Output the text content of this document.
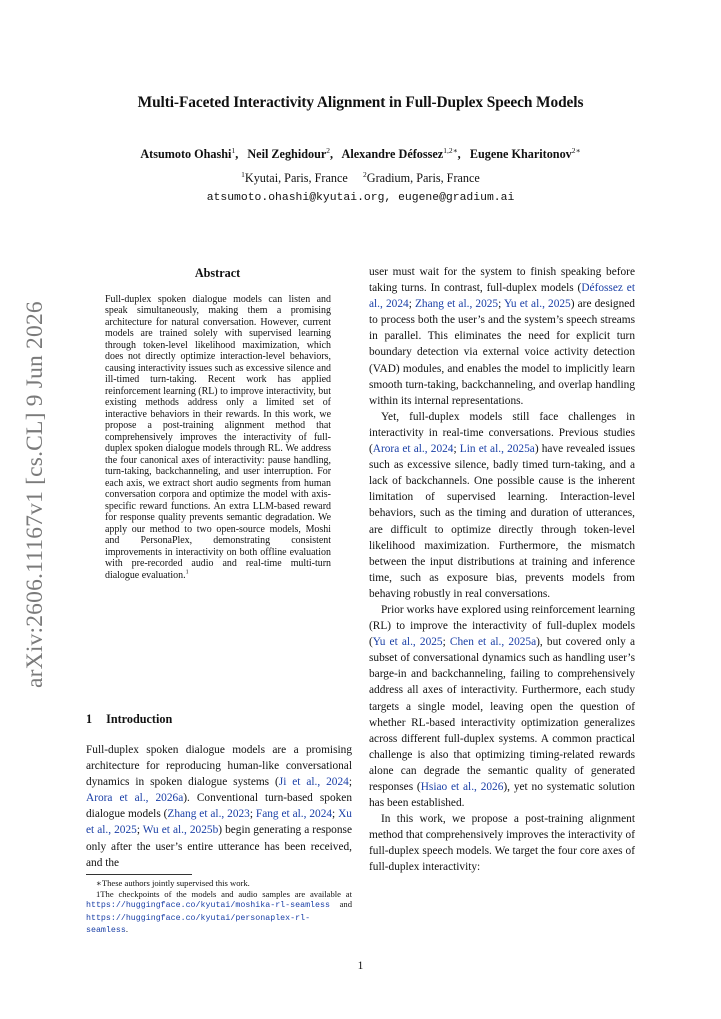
arXiv:2606.11167v1 [cs.CL] 9 Jun 2026
Multi-Faceted Interactivity Alignment in Full-Duplex Speech Models
Atsumoto Ohashi$^1$,   Neil Zeghidour$^2$,   Alexandre Défossez$^{1,2∗}$,   Eugene Kharitonov$^{2∗}$
$^1$Kyutai, Paris, France $^2$Gradium, Paris, France
atsumoto.ohashi@kyutai.org, eugene@gradium.ai
Abstract
Full-duplex spoken dialogue models can listen and speak simultaneously, making them a promising architecture for natural conversation. However, current models are trained solely with supervised learning through token-level likelihood maximization, which does not directly optimize interaction-level behaviors, causing interactivity issues such as excessive silence and ill-timed turn-taking. Recent work has applied reinforcement learning (RL) to improve interactivity, but existing methods address only a limited set of interactive behaviors in their rewards. In this work, we propose a post-training alignment method that comprehensively improves the interactivity of full-duplex spoken dialogue models through RL. We address the four canonical axes of interactivity: pause handling, turn-taking, backchanneling, and user interruption. For each axis, we extract short audio segments from human conversation corpora and optimize the model with axis-specific reward functions. An extra LLM-based reward for response quality prevents semantic degradation. We apply our method to two open-source models, Moshi and PersonaPlex, demonstrating consistent improvements in interactivity on both offline evaluation with pre-recorded audio and real-time multi-turn dialogue evaluation.$^1$
1 Introduction

Full-duplex spoken dialogue models are a promising architecture for reproducing human-like conversational dynamics in spoken dialogue systems (Ji et al., 2024; Arora et al., 2026a). Conventional turn-based spoken dialogue models (Zhang et al., 2023; Fang et al., 2024; Xu et al., 2025; Wu et al., 2025b) begin generating a response only after the user’s entire utterance has been received, and the

∗These authors jointly supervised this work.

1The checkpoints of the models and audio samples are available at https://huggingface.co/kyutai/moshika-rl-seamless and https://huggingface.co/kyutai/personaplex-rl-seamless.

user must wait for the system to finish speaking before taking turns. In contrast, full-duplex models (Défossez et al., 2024; Zhang et al., 2025; Yu et al., 2025) are designed to process both the user’s and the system’s speech streams in parallel. This eliminates the need for explicit turn boundary detection via external voice activity detection (VAD) modules, and enables the model to implicitly learn smooth turn-taking, backchanneling, and overlap handling within its internal representations.

Yet, full-duplex models still face challenges in interactivity in real-time conversations. Previous studies (Arora et al., 2024; Lin et al., 2025a) have revealed issues such as excessive silence, badly timed turn-taking, and a lack of backchannels. One possible cause is the inherent limitation of supervised learning. Interaction-level behaviors, such as the timing and duration of utterances, are difficult to optimize directly through token-level likelihood maximization. Furthermore, the mismatch between the input distributions at training and inference time, such as exposure bias, prevents models from behaving robustly in real conversations.

Prior works have explored using reinforcement learning (RL) to improve the interactivity of full-duplex models (Yu et al., 2025; Chen et al., 2025a), but covered only a subset of conversational dynamics such as handling user’s barge-in and backchanneling, failing to comprehensively address all axes of interactivity. Furthermore, each study targets a single model, leaving open the question of whether RL-based interactivity optimization generalizes across different full-duplex systems. A common practical challenge is also that optimizing timing-related rewards alone can degrade the semantic quality of generated responses (Hsiao et al., 2026), yet no systematic solution has been established.

In this work, we propose a post-training alignment method that comprehensively improves the interactivity of full-duplex speech models. We target the four core axes of full-duplex interactivity:

1
